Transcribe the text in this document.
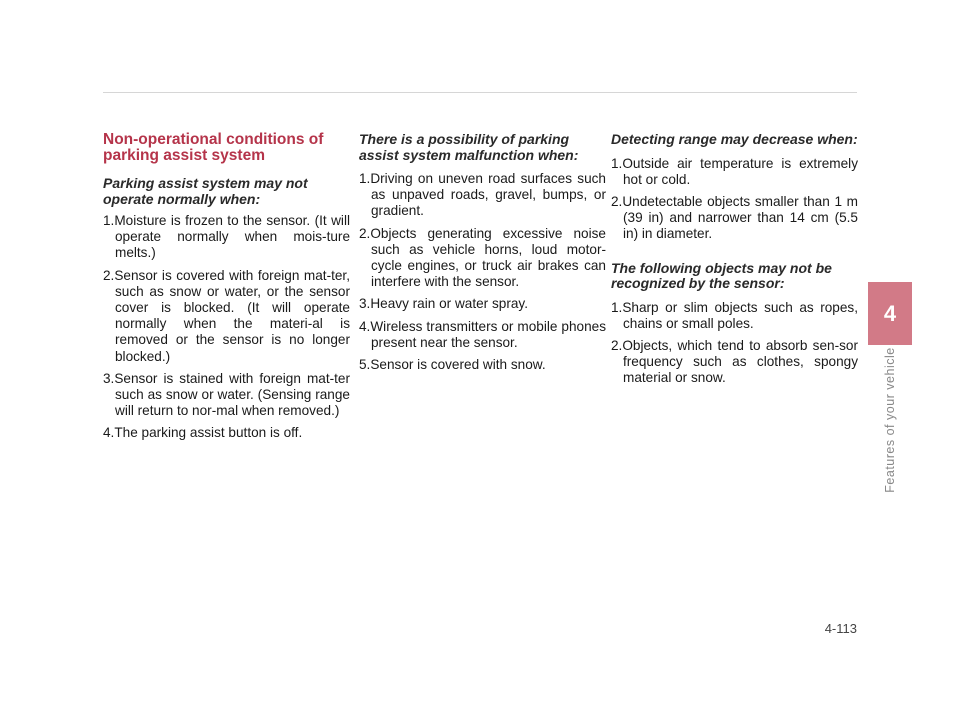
Non-operational conditions of parking assist system
Parking assist system may not operate normally when:
1.Moisture is frozen to the sensor. (It will operate normally when mois-ture melts.)
2.Sensor is covered with foreign mat-ter, such as snow or water, or the sensor cover is blocked. (It will operate normally when the materi-al is removed or the sensor is no longer blocked.)
3.Sensor is stained with foreign mat-ter such as snow or water. (Sensing range will return to nor-mal when removed.)
4.The parking assist button is off.
There is a possibility of parking assist system malfunction when:
1.Driving on uneven road surfaces such as unpaved roads, gravel, bumps, or gradient.
2.Objects generating excessive noise such as vehicle horns, loud motor-cycle engines, or truck air brakes can interfere with the sensor.
3.Heavy rain or water spray.
4.Wireless transmitters or mobile phones present near the sensor.
5.Sensor is covered with snow.
Detecting range may decrease when:
1.Outside air temperature is extremely hot or cold.
2.Undetectable objects smaller than 1 m (39 in) and narrower than 14 cm (5.5 in) in diameter.
The following objects may not be recognized by the sensor:
1.Sharp or slim objects such as ropes, chains or small poles.
2.Objects, which tend to absorb sen-sor frequency such as clothes, spongy material or snow.
4
Features of your vehicle
4-113
